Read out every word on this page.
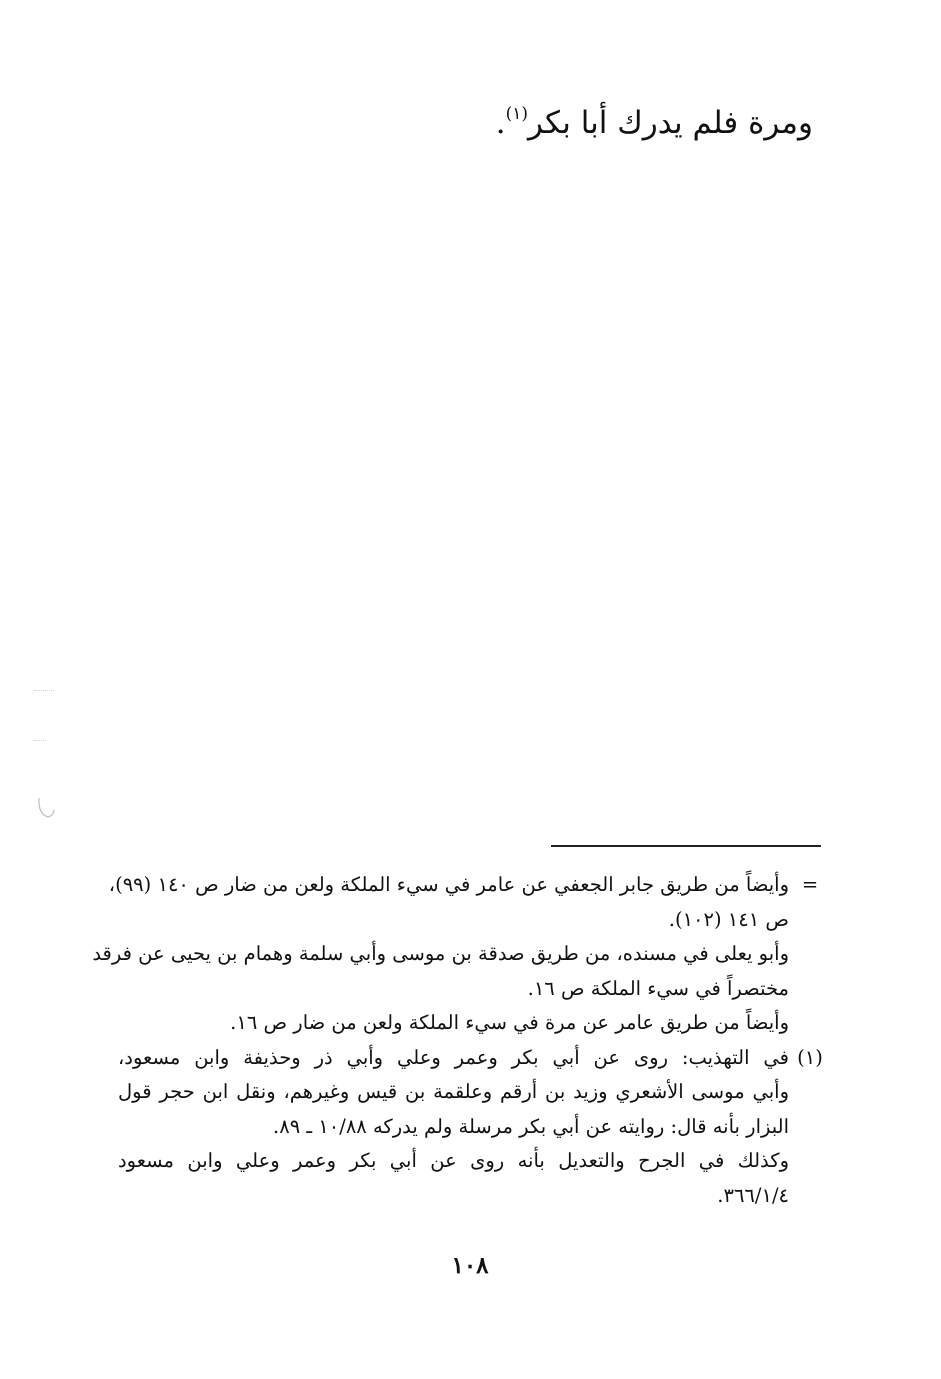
ومرة فلم يدرك أبا بكر$^{(١)}$.
=
وأيضاً من طريق جابر الجعفي عن عامر في سيء الملكة ولعن من ضار ص ١٤٠ (٩٩)،
ص ١٤١ (١٠٢).
وأبو يعلى في مسنده، من طريق صدقة بن موسى وأبي سلمة وهمام بن يحيى عن فرقد
مختصراً في سيء الملكة ص ١٦.
وأيضاً من طريق عامر عن مرة في سيء الملكة ولعن من ضار ص ١٦.
(١)
في التهذيب: روى عن أبي بكر وعمر وعلي وأبي ذر وحذيفة وابن مسعود،
وأبي موسى الأشعري وزيد بن أرقم وعلقمة بن قيس وغيرهم، ونقل ابن حجر قول
البزار بأنه قال: روايته عن أبي بكر مرسلة ولم يدركه ١٠/٨٨ ـ ٨٩.
وكذلك في الجرح والتعديل بأنه روى عن أبي بكر وعمر وعلي وابن مسعود
٣٦٦/١/٤.
١٠٨
